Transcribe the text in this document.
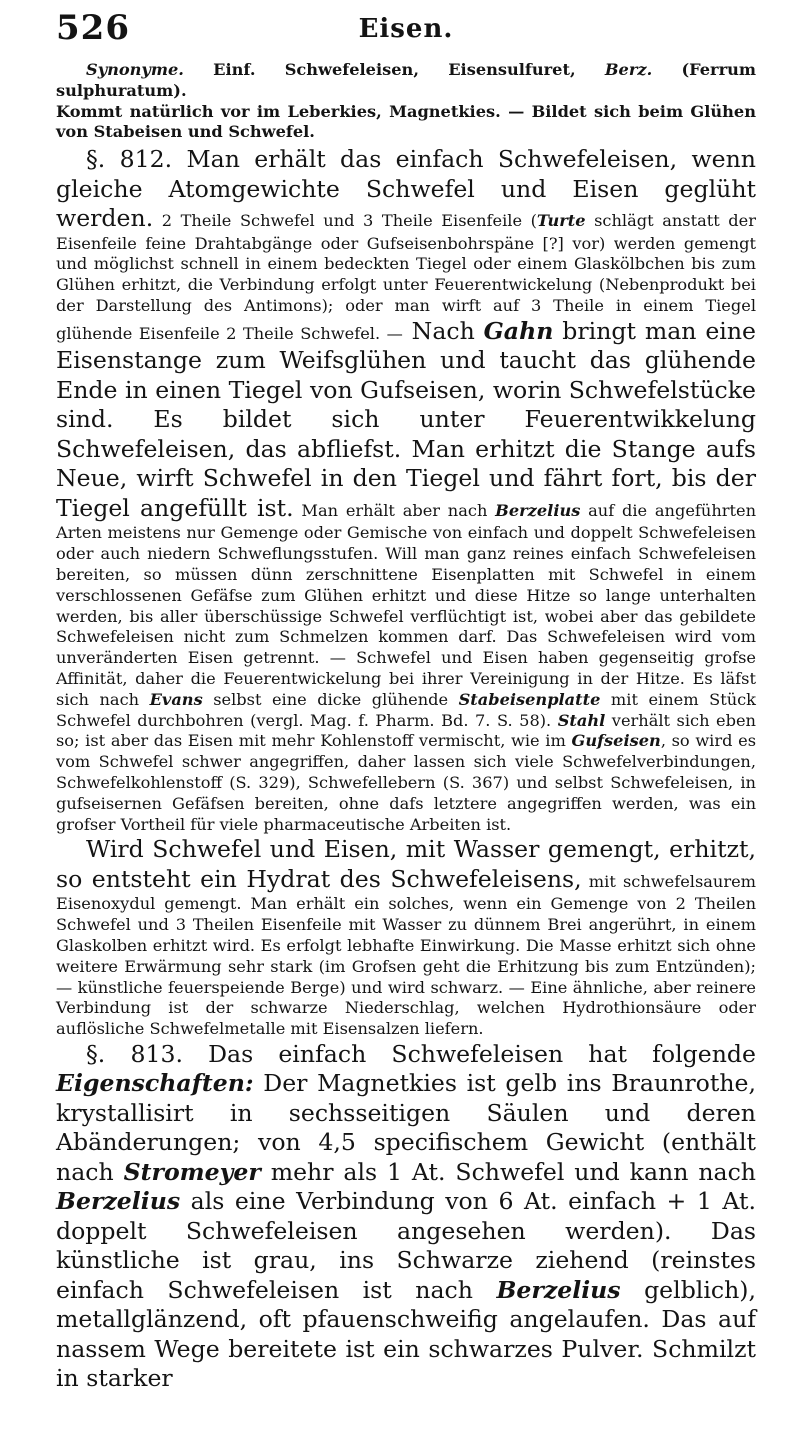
526	Eisen.

Synonyme. Einf. Schwefeleisen, Eisensulfuret, Berz. (Ferrum sulphuratum).
Kommt natürlich vor im Leberkies, Magnetkies. — Bildet sich beim Glühen von Stabeisen und Schwefel.

§. 812. Man erhält das einfach Schwefeleisen, wenn gleiche Atomgewichte Schwefel und Eisen geglüht werden. 2 Theile Schwefel und 3 Theile Eisenfeile (Turte schlägt anstatt der Eisenfeile feine Drahtabgänge oder Gufseisenbohrspäne [?] vor) werden gemengt und möglichst schnell in einem bedeckten Tiegel oder einem Glaskölbchen bis zum Glühen erhitzt, die Verbindung erfolgt unter Feuerentwickelung (Nebenprodukt bei der Darstellung des Antimons); oder man wirft auf 3 Theile in einem Tiegel glühende Eisenfeile 2 Theile Schwefel. — Nach Gahn bringt man eine Eisenstange zum Weifsglühen und taucht das glühende Ende in einen Tiegel von Gufseisen, worin Schwefelstücke sind. Es bildet sich unter Feuerentwikkelung Schwefeleisen, das abfliefst. Man erhitzt die Stange aufs Neue, wirft Schwefel in den Tiegel und fährt fort, bis der Tiegel angefüllt ist. Man erhält aber nach Berzelius auf die angeführten Arten meistens nur Gemenge oder Gemische von einfach und doppelt Schwefeleisen oder auch niedern Schweflungsstufen. Will man ganz reines einfach Schwefeleisen bereiten, so müssen dünn zerschnittene Eisenplatten mit Schwefel in einem verschlossenen Gefäfse zum Glühen erhitzt und diese Hitze so lange unterhalten werden, bis aller überschüssige Schwefel verflüchtigt ist, wobei aber das gebildete Schwefeleisen nicht zum Schmelzen kommen darf. Das Schwefeleisen wird vom unveränderten Eisen getrennt. — Schwefel und Eisen haben gegenseitig grofse Affinität, daher die Feuerentwickelung bei ihrer Vereinigung in der Hitze. Es läfst sich nach Evans selbst eine dicke glühende Stabeisenplatte mit einem Stück Schwefel durchbohren (vergl. Mag. f. Pharm. Bd. 7. S. 58). Stahl verhält sich eben so; ist aber das Eisen mit mehr Kohlenstoff vermischt, wie im Gufseisen, so wird es vom Schwefel schwer angegriffen, daher lassen sich viele Schwefelverbindungen, Schwefelkohlenstoff (S. 329), Schwefellebern (S. 367) und selbst Schwefeleisen, in gufseisernen Gefäfsen bereiten, ohne dafs letztere angegriffen werden, was ein grofser Vortheil für viele pharmaceutische Arbeiten ist.

Wird Schwefel und Eisen, mit Wasser gemengt, erhitzt, so entsteht ein Hydrat des Schwefeleisens, mit schwefelsaurem Eisenoxydul gemengt. Man erhält ein solches, wenn ein Gemenge von 2 Theilen Schwefel und 3 Theilen Eisenfeile mit Wasser zu dünnem Brei angerührt, in einem Glaskolben erhitzt wird. Es erfolgt lebhafte Einwirkung. Die Masse erhitzt sich ohne weitere Erwärmung sehr stark (im Grofsen geht die Erhitzung bis zum Entzünden); — künstliche feuerspeiende Berge) und wird schwarz. — Eine ähnliche, aber reinere Verbindung ist der schwarze Niederschlag, welchen Hydrothionsäure oder auflösliche Schwefelmetalle mit Eisensalzen liefern.

§. 813. Das einfach Schwefeleisen hat folgende Eigenschaften: Der Magnetkies ist gelb ins Braunrothe, krystallisirt in sechsseitigen Säulen und deren Abänderungen; von 4,5 specifischem Gewicht (enthält nach Stromeyer mehr als 1 At. Schwefel und kann nach Berzelius als eine Verbindung von 6 At. einfach + 1 At. doppelt Schwefeleisen angesehen werden). Das künstliche ist grau, ins Schwarze ziehend (reinstes einfach Schwefeleisen ist nach Berzelius gelblich), metallglänzend, oft pfauenschweifig angelaufen. Das auf nassem Wege bereitete ist ein schwarzes Pulver. Schmilzt in starker
